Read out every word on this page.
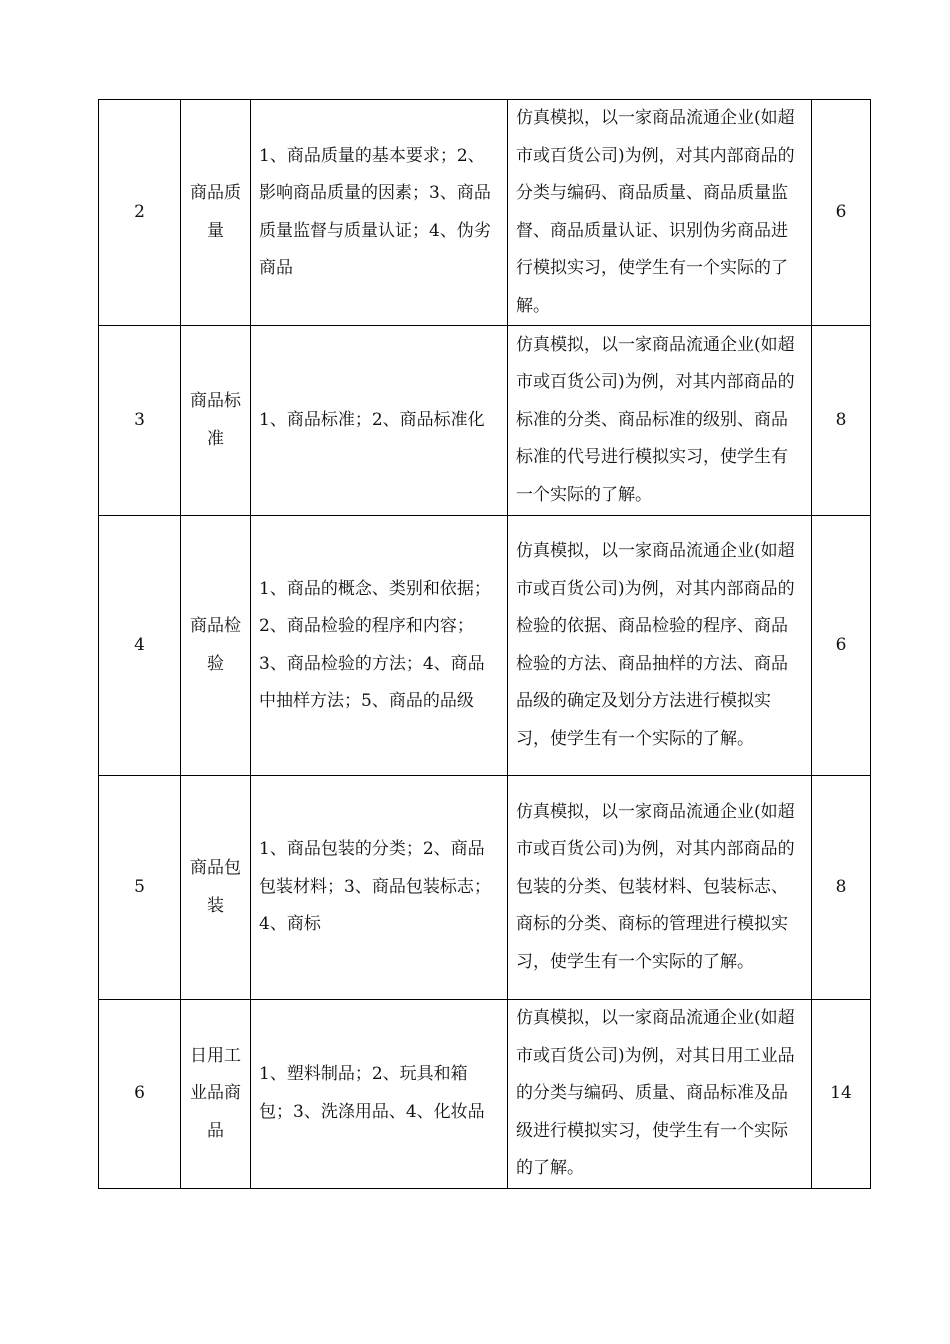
2	商品质量	1、商品质量的基本要求；2、影响商品质量的因素；3、商品质量监督与质量认证；4、伪劣商品	仿真模拟，以一家商品流通企业(如超市或百货公司)为例，对其内部商品的分类与编码、商品质量、商品质量监督、商品质量认证、识别伪劣商品进行模拟实习，使学生有一个实际的了解。	6
3	商品标准	1、商品标准；2、商品标准化	仿真模拟，以一家商品流通企业(如超市或百货公司)为例，对其内部商品的标准的分类、商品标准的级别、商品标准的代号进行模拟实习，使学生有一个实际的了解。	8
4	商品检验	1、商品的概念、类别和依据；2、商品检验的程序和内容；3、商品检验的方法；4、商品中抽样方法；5、商品的品级	仿真模拟，以一家商品流通企业(如超市或百货公司)为例，对其内部商品的检验的依据、商品检验的程序、商品检验的方法、商品抽样的方法、商品品级的确定及划分方法进行模拟实习，使学生有一个实际的了解。	6
5	商品包装	1、商品包装的分类；2、商品包装材料；3、商品包装标志；4、商标	仿真模拟，以一家商品流通企业(如超市或百货公司)为例，对其内部商品的包装的分类、包装材料、包装标志、商标的分类、商标的管理进行模拟实习，使学生有一个实际的了解。	8
6	日用工业品商品	1、塑料制品；2、玩具和箱包；3、洗涤用品、4、化妆品	仿真模拟，以一家商品流通企业(如超市或百货公司)为例，对其日用工业品的分类与编码、质量、商品标准及品级进行模拟实习，使学生有一个实际的了解。	14
